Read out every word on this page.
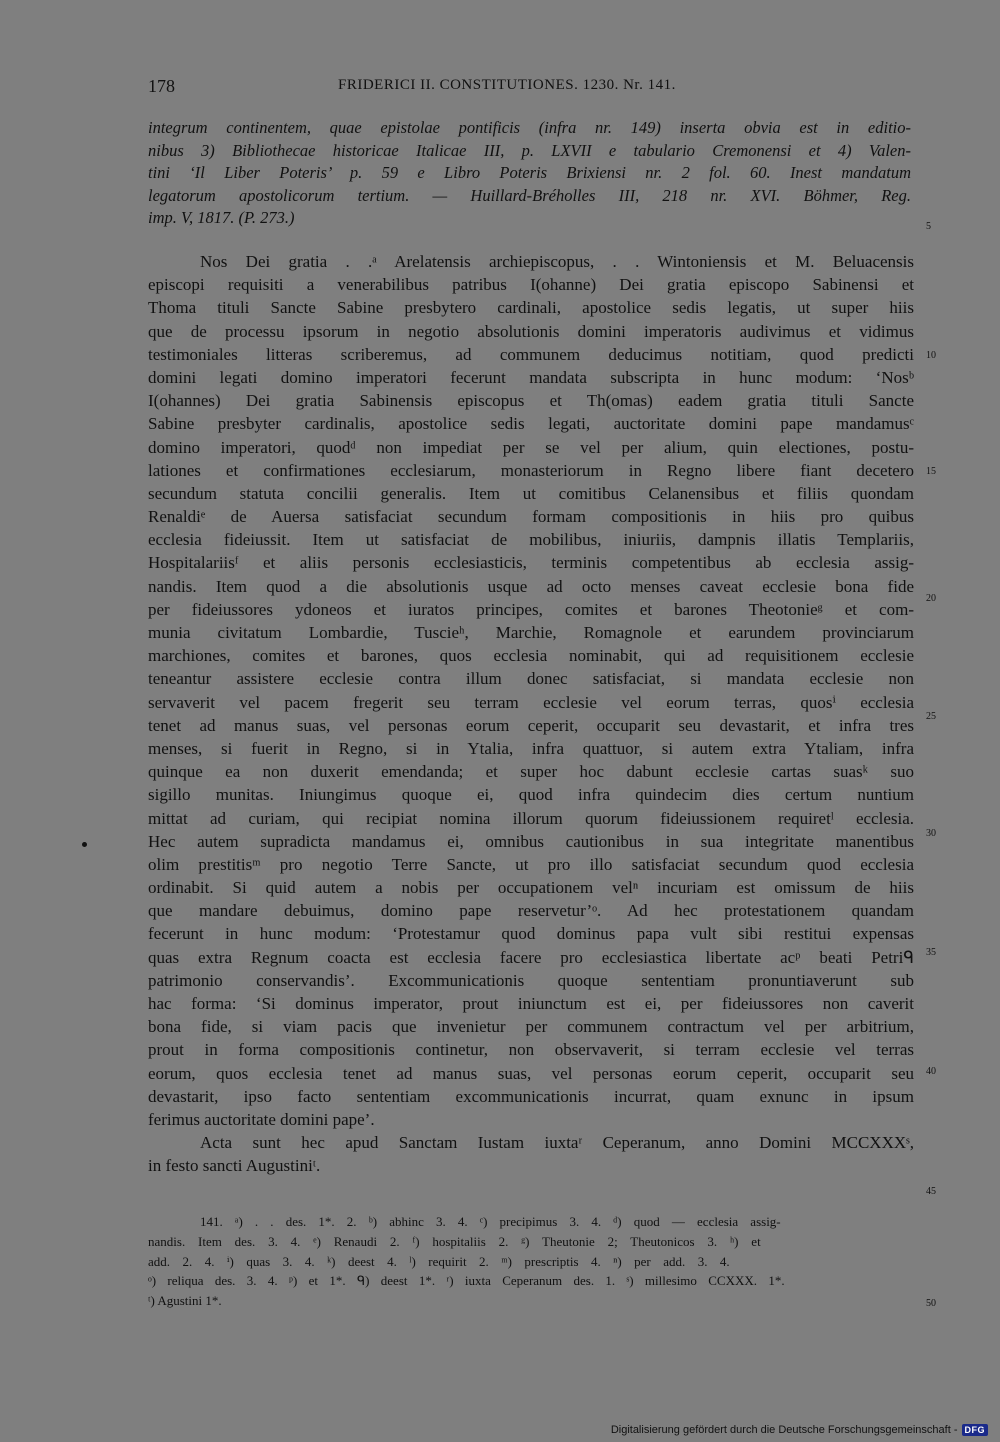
178	FRIDERICI II. CONSTITUTIONES. 1230. Nr. 141.
integrum continentem, quae epistolae pontificis (infra nr. 149) inserta obvia est in editio-
nibus 3) Bibliothecae historicae Italicae III, p. LXVII e tabulario Cremonensi et 4) Valen-
tini ‘Il Liber Poteris’ p. 59 e Libro Poteris Brixiensi nr. 2 fol. 60. Inest mandatum
legatorum apostolicorum tertium. — Huillard-Bréholles III, 218 nr. XVI. Böhmer, Reg.
imp. V, 1817. (P. 273.)
Nos Dei gratia . .ᵃ Arelatensis archiepiscopus, . . Wintoniensis et M. Beluacensis
episcopi requisiti a venerabilibus patribus I(ohanne) Dei gratia episcopo Sabinensi et
Thoma tituli Sancte Sabine presbytero cardinali, apostolice sedis legatis, ut super hiis
que de processu ipsorum in negotio absolutionis domini imperatoris audivimus et vidimus
testimoniales litteras scriberemus, ad communem deducimus notitiam, quod predicti
domini legati domino imperatori fecerunt mandata subscripta in hunc modum: ‘Nosᵇ
I(ohannes) Dei gratia Sabinensis episcopus et Th(omas) eadem gratia tituli Sancte
Sabine presbyter cardinalis, apostolice sedis legati, auctoritate domini pape mandamusᶜ
domino imperatori, quodᵈ non impediat per se vel per alium, quin electiones, postu-
lationes et confirmationes ecclesiarum, monasteriorum in Regno libere fiant decetero
secundum statuta concilii generalis. Item ut comitibus Celanensibus et filiis quondam
Renaldiᵉ de Auersa satisfaciat secundum formam compositionis in hiis pro quibus
ecclesia fideiussit. Item ut satisfaciat de mobilibus, iniuriis, dampnis illatis Templariis,
Hospitalariisᶠ et aliis personis ecclesiasticis, terminis competentibus ab ecclesia assig-
nandis. Item quod a die absolutionis usque ad octo menses caveat ecclesie bona fide
per fideiussores ydoneos et iuratos principes, comites et barones Theotonieᵍ et com-
munia civitatum Lombardie, Tuscieʰ, Marchie, Romagnole et earundem provinciarum
marchiones, comites et barones, quos ecclesia nominabit, qui ad requisitionem ecclesie
teneantur assistere ecclesie contra illum donec satisfaciat, si mandata ecclesie non
servaverit vel pacem fregerit seu terram ecclesie vel eorum terras, quosⁱ ecclesia
tenet ad manus suas, vel personas eorum ceperit, occuparit seu devastarit, et infra tres
menses, si fuerit in Regno, si in Ytalia, infra quattuor, si autem extra Ytaliam, infra
quinque ea non duxerit emendanda; et super hoc dabunt ecclesie cartas suasᵏ suo
sigillo munitas. Iniungimus quoque ei, quod infra quindecim dies certum nuntium
mittat ad curiam, qui recipiat nomina illorum quorum fideiussionem requiretˡ ecclesia.
Hec autem supradicta mandamus ei, omnibus cautionibus in sua integritate manentibus
olim prestitisᵐ pro negotio Terre Sancte, ut pro illo satisfaciat secundum quod ecclesia
ordinabit. Si quid autem a nobis per occupationem velⁿ incuriam est omissum de hiis
que mandare debuimus, domino pape reservetur’ᵒ. Ad hec protestationem quandam
fecerunt in hunc modum: ‘Protestamur quod dominus papa vult sibi restitui expensas
quas extra Regnum coacta est ecclesia facere pro ecclesiastica libertate acᵖ beati Petriᑫ
patrimonio conservandis’. Excommunicationis quoque sententiam pronuntiaverunt sub
hac forma: ‘Si dominus imperator, prout iniunctum est ei, per fideiussores non caverit
bona fide, si viam pacis que invenietur per communem contractum vel per arbitrium,
prout in forma compositionis continetur, non observaverit, si terram ecclesie vel terras
eorum, quos ecclesia tenet ad manus suas, vel personas eorum ceperit, occuparit seu
devastarit, ipso facto sententiam excommunicationis incurrat, quam exnunc in ipsum
ferimus auctoritate domini pape’.
Acta sunt hec apud Sanctam Iustam iuxtaʳ Ceperanum, anno Domini MCCXXXˢ,
in festo sancti Augustiniᵗ.
141. ᵃ) . . des. 1*. 2. ᵇ) abhinc 3. 4. ᶜ) precipimus 3. 4. ᵈ) quod — ecclesia assig-
nandis. Item des. 3. 4. ᵉ) Renaudi 2. ᶠ) hospitaliis 2. ᵍ) Theutonie 2; Theutonicos 3. ʰ) et
add. 2. 4. ⁱ) quas 3. 4. ᵏ) deest 4. ˡ) requirit 2. ᵐ) prescriptis 4. ⁿ) per add. 3. 4.
ᵒ) reliqua des. 3. 4. ᵖ) et 1*. ᑫ) deest 1*. ʳ) iuxta Ceperanum des. 1. ˢ) millesimo CCXXX. 1*.
ᵗ) Agustini 1*.
5
10
15
20
25
30
35
40
45
50
Digitalisierung gefördert durch die Deutsche Forschungsgemeinschaft - DFG
